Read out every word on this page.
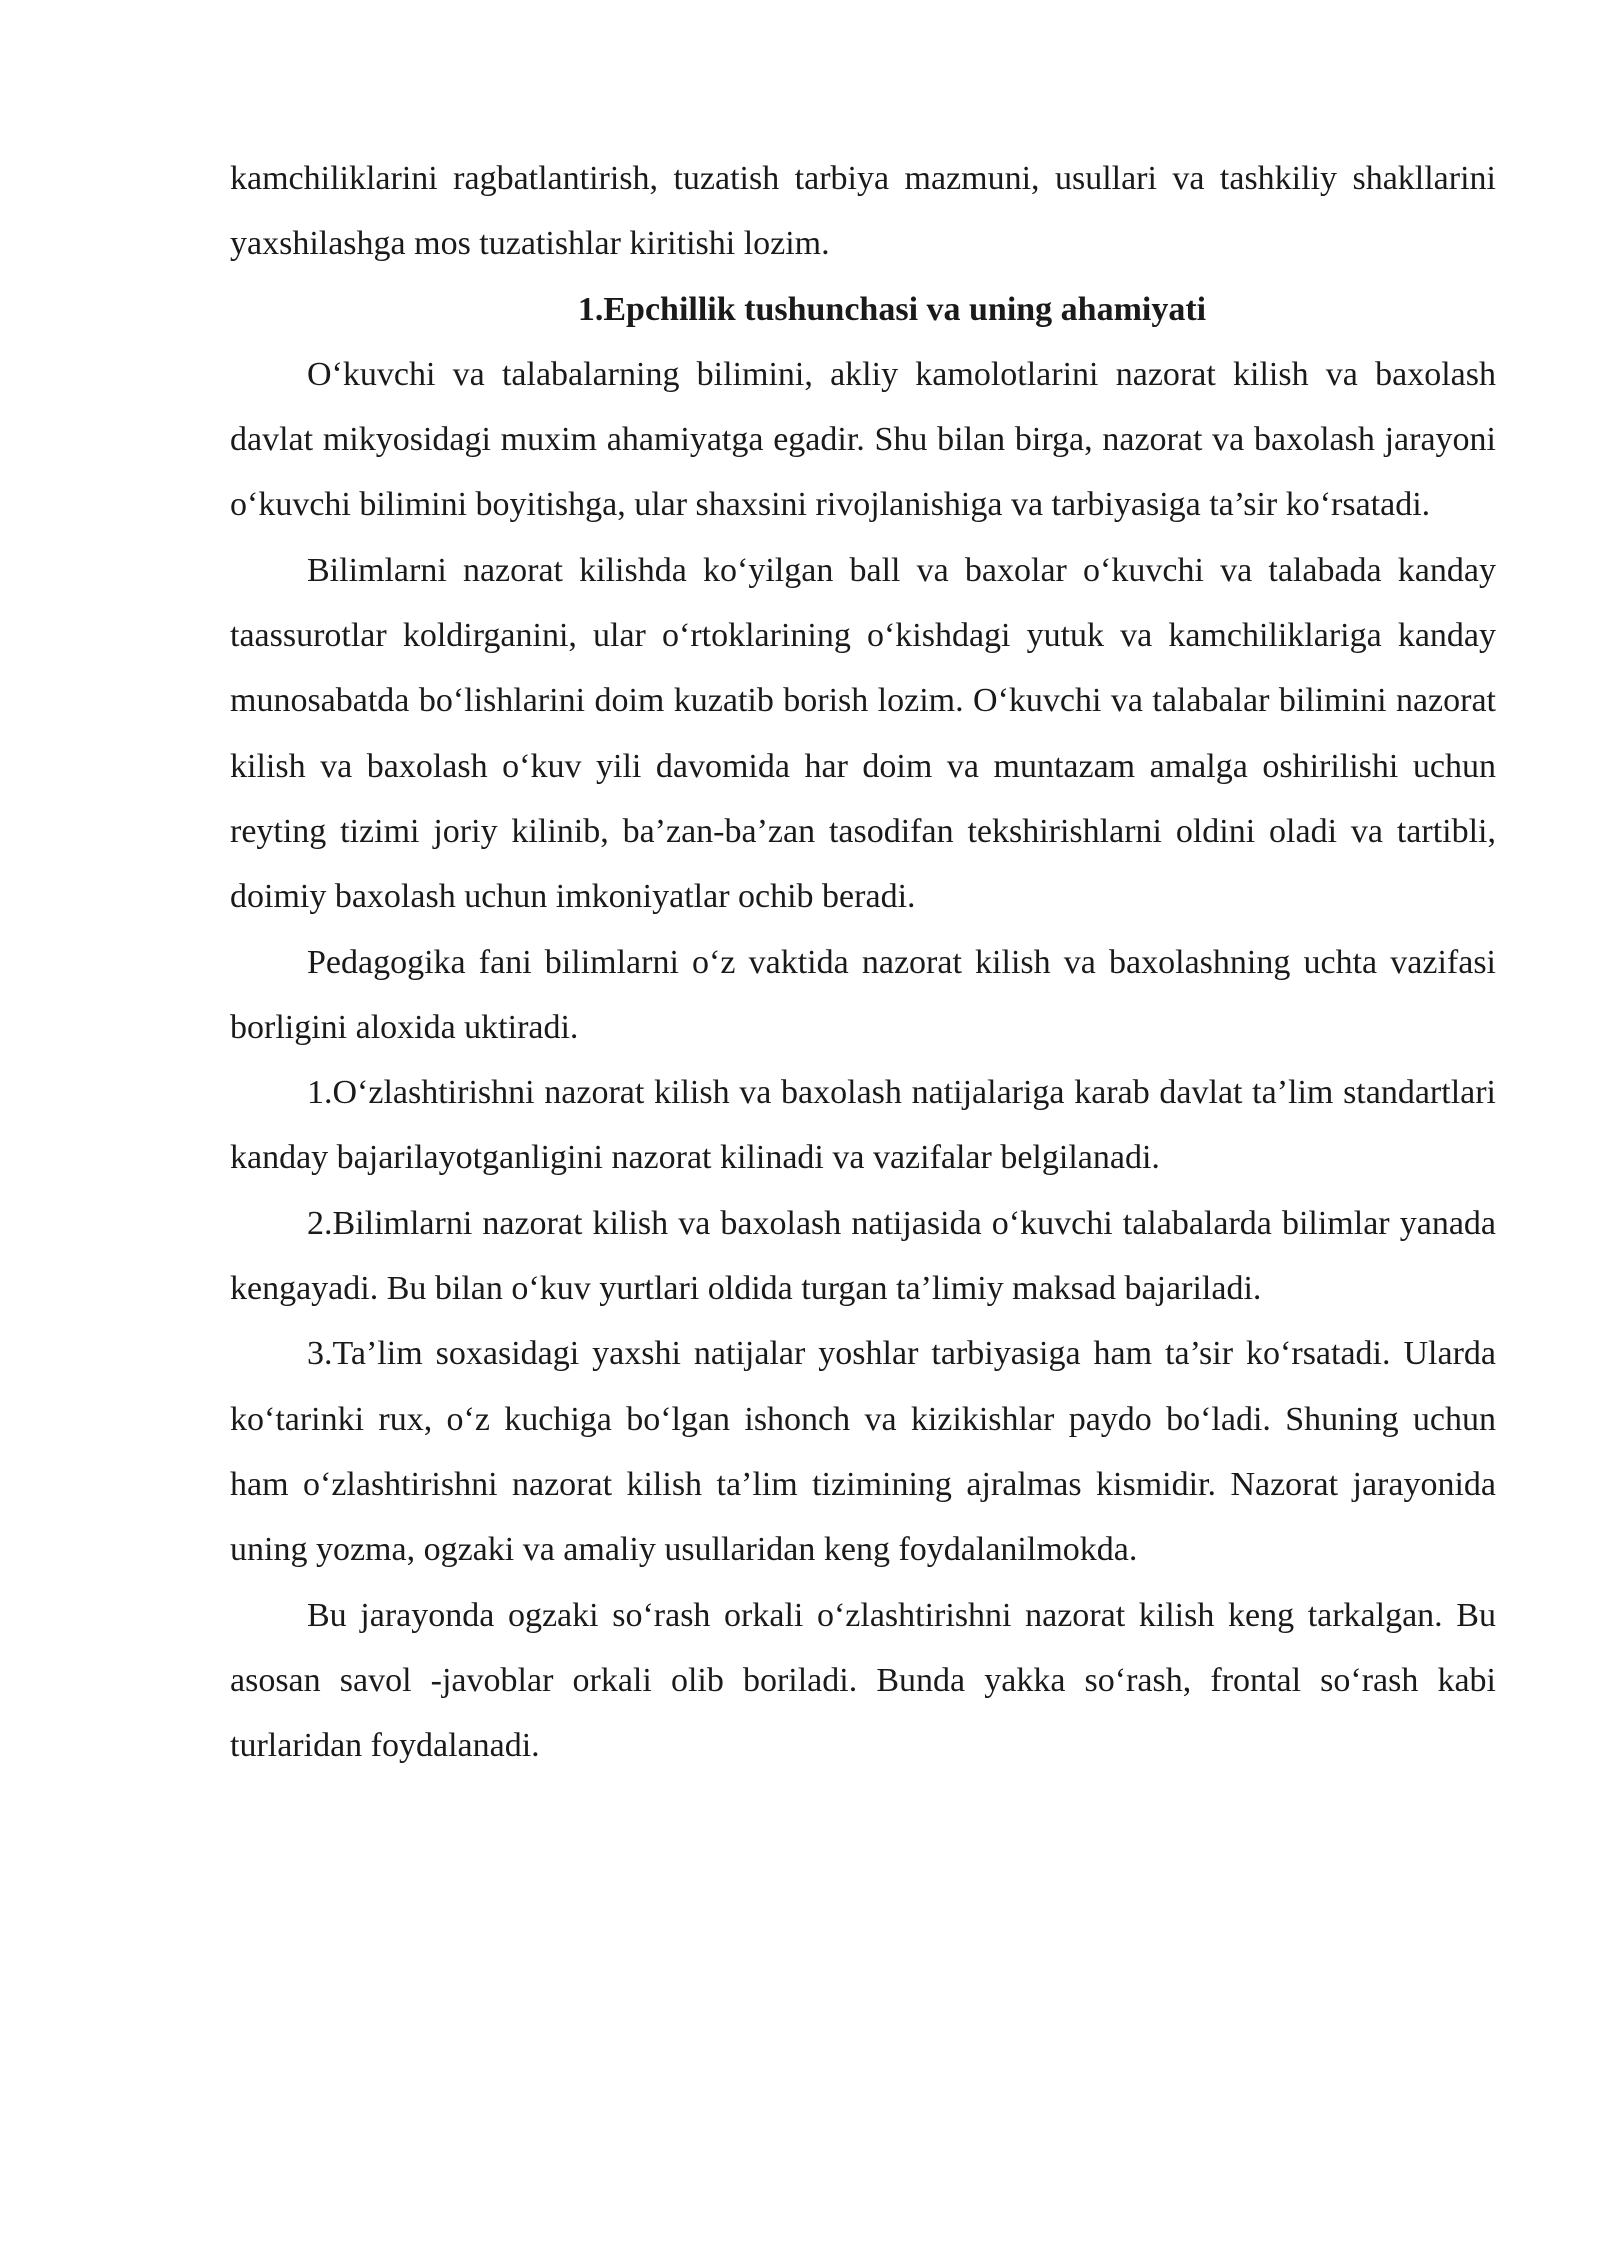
kamchiliklarini ragbatlantirish, tuzatish tarbiya mazmuni, usullari va tashkiliy shakllarini yaxshilashga mos tuzatishlar kiritishi lozim.

1.Epchillik tushunchasi va uning ahamiyati

O‘kuvchi va talabalarning bilimini, akliy kamolotlarini nazorat kilish va baxolash davlat mikyosidagi muxim ahamiyatga egadir. Shu bilan birga, nazorat va baxolash jarayoni o‘kuvchi bilimini boyitishga, ular shaxsini rivojlanishiga va tarbiyasiga ta’sir ko‘rsatadi.

Bilimlarni nazorat kilishda ko‘yilgan ball va baxolar o‘kuvchi va talabada kanday taassurotlar koldirganini, ular o‘rtoklarining o‘kishdagi yutuk va kamchiliklariga kanday munosabatda bo‘lishlarini doim kuzatib borish lozim. O‘kuvchi va talabalar bilimini nazorat kilish va baxolash o‘kuv yili davomida har doim va muntazam amalga oshirilishi uchun reyting tizimi joriy kilinib, ba’zan-ba’zan tasodifan tekshirishlarni oldini oladi va tartibli, doimiy baxolash uchun imkoniyatlar ochib beradi.

Pedagogika fani bilimlarni o‘z vaktida nazorat kilish va baxolashning uchta vazifasi borligini aloxida uktiradi.

1.O‘zlashtirishni nazorat kilish va baxolash natijalariga karab davlat ta’lim standartlari kanday bajarilayotganligini nazorat kilinadi va vazifalar belgilanadi.

2.Bilimlarni nazorat kilish va baxolash natijasida o‘kuvchi talabalarda bilimlar yanada kengayadi. Bu bilan o‘kuv yurtlari oldida turgan ta’limiy maksad bajariladi.

3.Ta’lim soxasidagi yaxshi natijalar yoshlar tarbiyasiga ham ta’sir ko‘rsatadi. Ularda ko‘tarinki rux, o‘z kuchiga bo‘lgan ishonch va kizikishlar paydo bo‘ladi. Shuning uchun ham o‘zlashtirishni nazorat kilish ta’lim tizimining ajralmas kismidir. Nazorat jarayonida uning yozma, ogzaki va amaliy usullaridan keng foydalanilmokda.

Bu jarayonda ogzaki so‘rash orkali o‘zlashtirishni nazorat kilish keng tarkalgan. Bu asosan savol -javoblar orkali olib boriladi. Bunda yakka so‘rash, frontal so‘rash kabi turlaridan foydalanadi.
